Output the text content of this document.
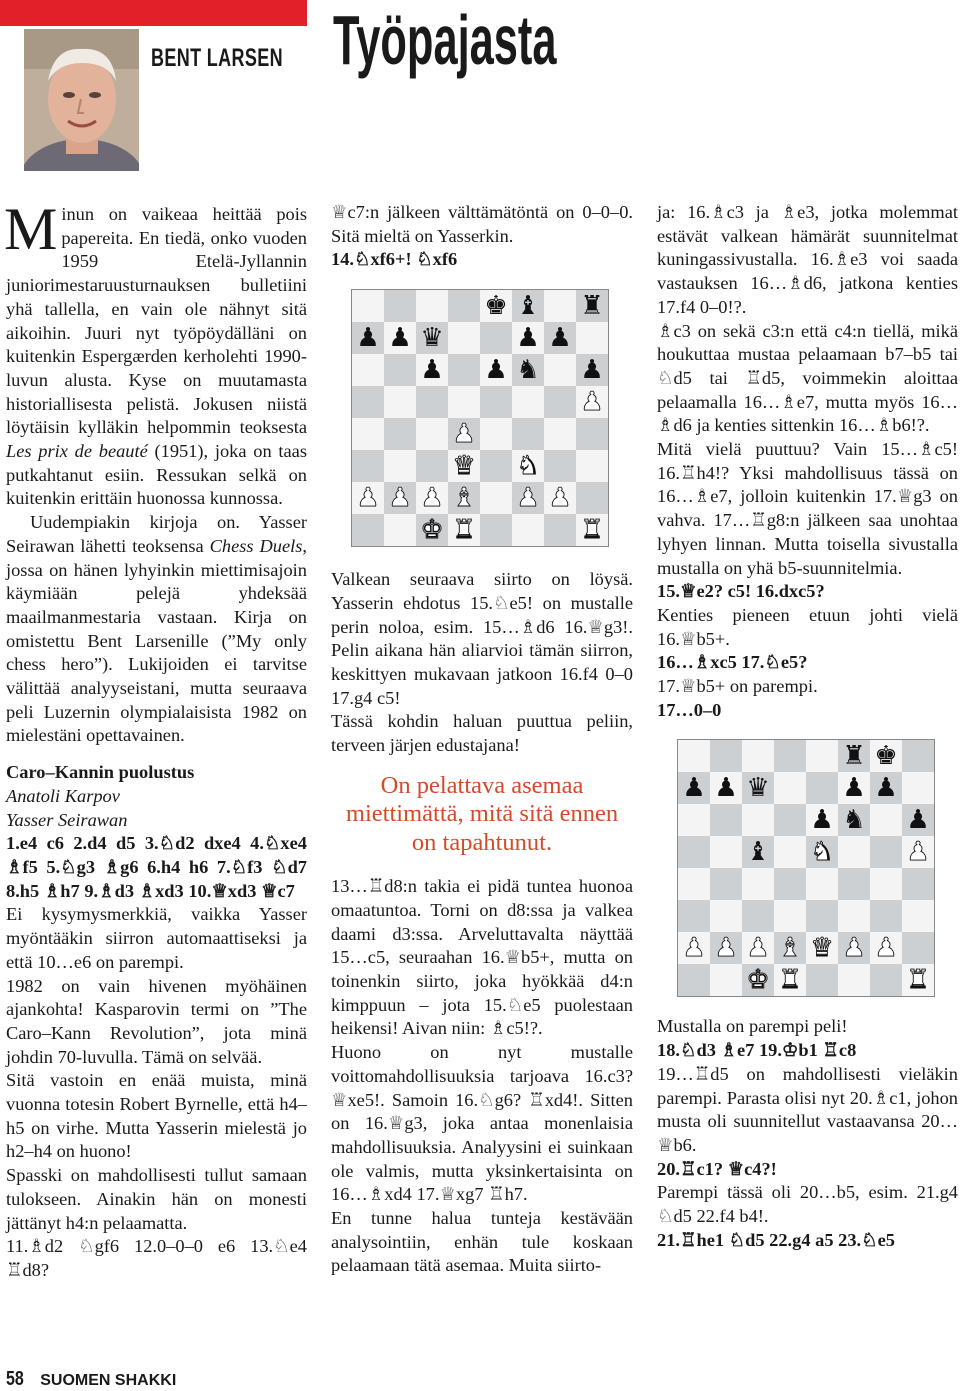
BENT LARSEN Työpajasta

Minun on vaikeaa heittää pois papereita. En tiedä, onko vuoden 1959 Etelä-Jyllannin juniorimestaruusturnauksen bulletiini yhä tallella, en vain ole nähnyt sitä aikoihin. Juuri nyt työpöydälläni on kuitenkin Espergærden kerholehti 1990-luvun alusta. Kyse on muutamasta historiallisesta pelistä. Jokusen niistä löytäisin kylläkin helpommin teoksesta Les prix de beauté (1951), joka on taas putkahtanut esiin. Ressukan selkä on kuitenkin erittäin huonossa kunnossa.

Uudempiakin kirjoja on. Yasser Seirawan lähetti teoksensa Chess Duels, jossa on hänen lyhyinkin miettimisajoin käymiään pelejä yhdeksää maailmanmestaria vastaan. Kirja on omistettu Bent Larsenille (”My only chess hero”). Lukijoiden ei tarvitse välittää analyyseistani, mutta seuraava peli Luzernin olympialaisista 1982 on mielestäni opettavainen.

Caro–Kannin puolustus

Anatoli Karpov

Yasser Seirawan

1.e4 c6 2.d4 d5 3.♘d2 dxe4 4.♘xe4 ♗f5 5.♘g3 ♗g6 6.h4 h6 7.♘f3 ♘d7 8.h5 ♗h7 9.♗d3 ♗xd3 10.♕xd3 ♕c7

Ei kysymysmerkkiä, vaikka Yasser myöntääkin siirron automaattiseksi ja että 10…e6 on parempi.

1982 on vain hivenen myöhäinen ajankohta! Kasparovin termi on ”The Caro–Kann Revolution”, jota minä johdin 70-luvulla. Tämä on selvää.

Sitä vastoin en enää muista, minä vuonna totesin Robert Byrnelle, että h4–h5 on virhe. Mutta Yasserin mielestä jo h2–h4 on huono!

Spasski on mahdollisesti tullut samaan tulokseen. Ainakin hän on monesti jättänyt h4:n pelaamatta.

11.♗d2 ♘gf6 12.0–0–0 e6 13.♘e4 ♖d8?

♕c7:n jälkeen välttämätöntä on 0–0–0. Sitä mieltä on Yasserkin.

14.♘xf6+! ♘xf6

♚ ♝ ♜
♟ ♟ ♛	♟ ♟
♟ ♟ ♞ ♟
♟
♟
♛ ♞
♟ ♟ ♟ ♝ ♟ ♟
♚ ♜	♜

Valkean seuraava siirto on löysä. Yasserin ehdotus 15.♘e5! on mustalle perin noloa, esim. 15…♗d6 16.♕g3!. Pelin aikana hän aliarvioi tämän siirron, keskittyen mukavaan jatkoon 16.f4 0–0 17.g4 c5!

Tässä kohdin haluan puuttua peliin, terveen järjen edustajana!

On pelattava asemaa miettimättä, mitä sitä ennen on tapahtunut.

13…♖d8:n takia ei pidä tuntea huonoa omaatuntoa. Torni on d8:ssa ja valkea daami d3:ssa. Arveluttavalta näyttää 15…c5, seuraahan 16.♕b5+, mutta on toinenkin siirto, joka hyökkää d4:n kimppuun – jota 15.♘e5 puolestaan heikensi! Aivan niin: ♗c5!?.

Huono on nyt mustalle voittomahdollisuuksia tarjoava 16.c3? ♕xe5!. Samoin 16.♘g6? ♖xd4!. Sitten on 16.♕g3, joka antaa monenlaisia mahdollisuuksia. Analyysini ei suinkaan ole valmis, mutta yksinkertaisinta on 16…♗xd4 17.♕xg7 ♖h7.

En tunne halua tunteja kestävään analysointiin, enhän tule koskaan pelaamaan tätä asemaa. Muita siirto-

ja: 16.♗c3 ja ♗e3, jotka molemmat estävät valkean hämärät suunnitelmat kuningassivustalla. 16.♗e3 voi saada vastauksen 16…♗d6, jatkona kenties 17.f4 0–0!?.

♗c3 on sekä c3:n että c4:n tiellä, mikä houkuttaa mustaa pelaamaan b7–b5 tai ♘d5 tai ♖d5, voimmekin aloittaa pelaamalla 16…♗e7, mutta myös 16…♗d6 ja kenties sittenkin 16…♗b6!?.

Mitä vielä puuttuu? Vain 15…♗c5! 16.♖h4!? Yksi mahdollisuus tässä on 16…♗e7, jolloin kuitenkin 17.♕g3 on vahva. 17…♖g8:n jälkeen saa unohtaa lyhyen linnan. Mutta toisella sivustalla mustalla on yhä b5-suunnitelmia.

15.♕e2? c5! 16.dxc5?

Kenties pieneen etuun johti vielä 16.♕b5+.

16…♗xc5 17.♘e5?

17.♕b5+ on parempi.

17…0–0

♜ ♚
♟ ♟ ♛	♟ ♟
♟ ♞ ♟
♝ ♞	♟
♟ ♟ ♟ ♝ ♛ ♟ ♟
♚ ♜	♜

Mustalla on parempi peli!

18.♘d3 ♗e7 19.♔b1 ♖c8

19…♖d5 on mahdollisesti vieläkin parempi. Parasta olisi nyt 20.♗c1, johon musta oli suunnitellut vastaavansa 20…♕b6.

20.♖c1? ♕c4?!

Parempi tässä oli 20…b5, esim. 21.g4 ♘d5 22.f4 b4!.

21.♖he1 ♘d5 22.g4 a5 23.♘e5

58 SUOMEN SHAKKI
